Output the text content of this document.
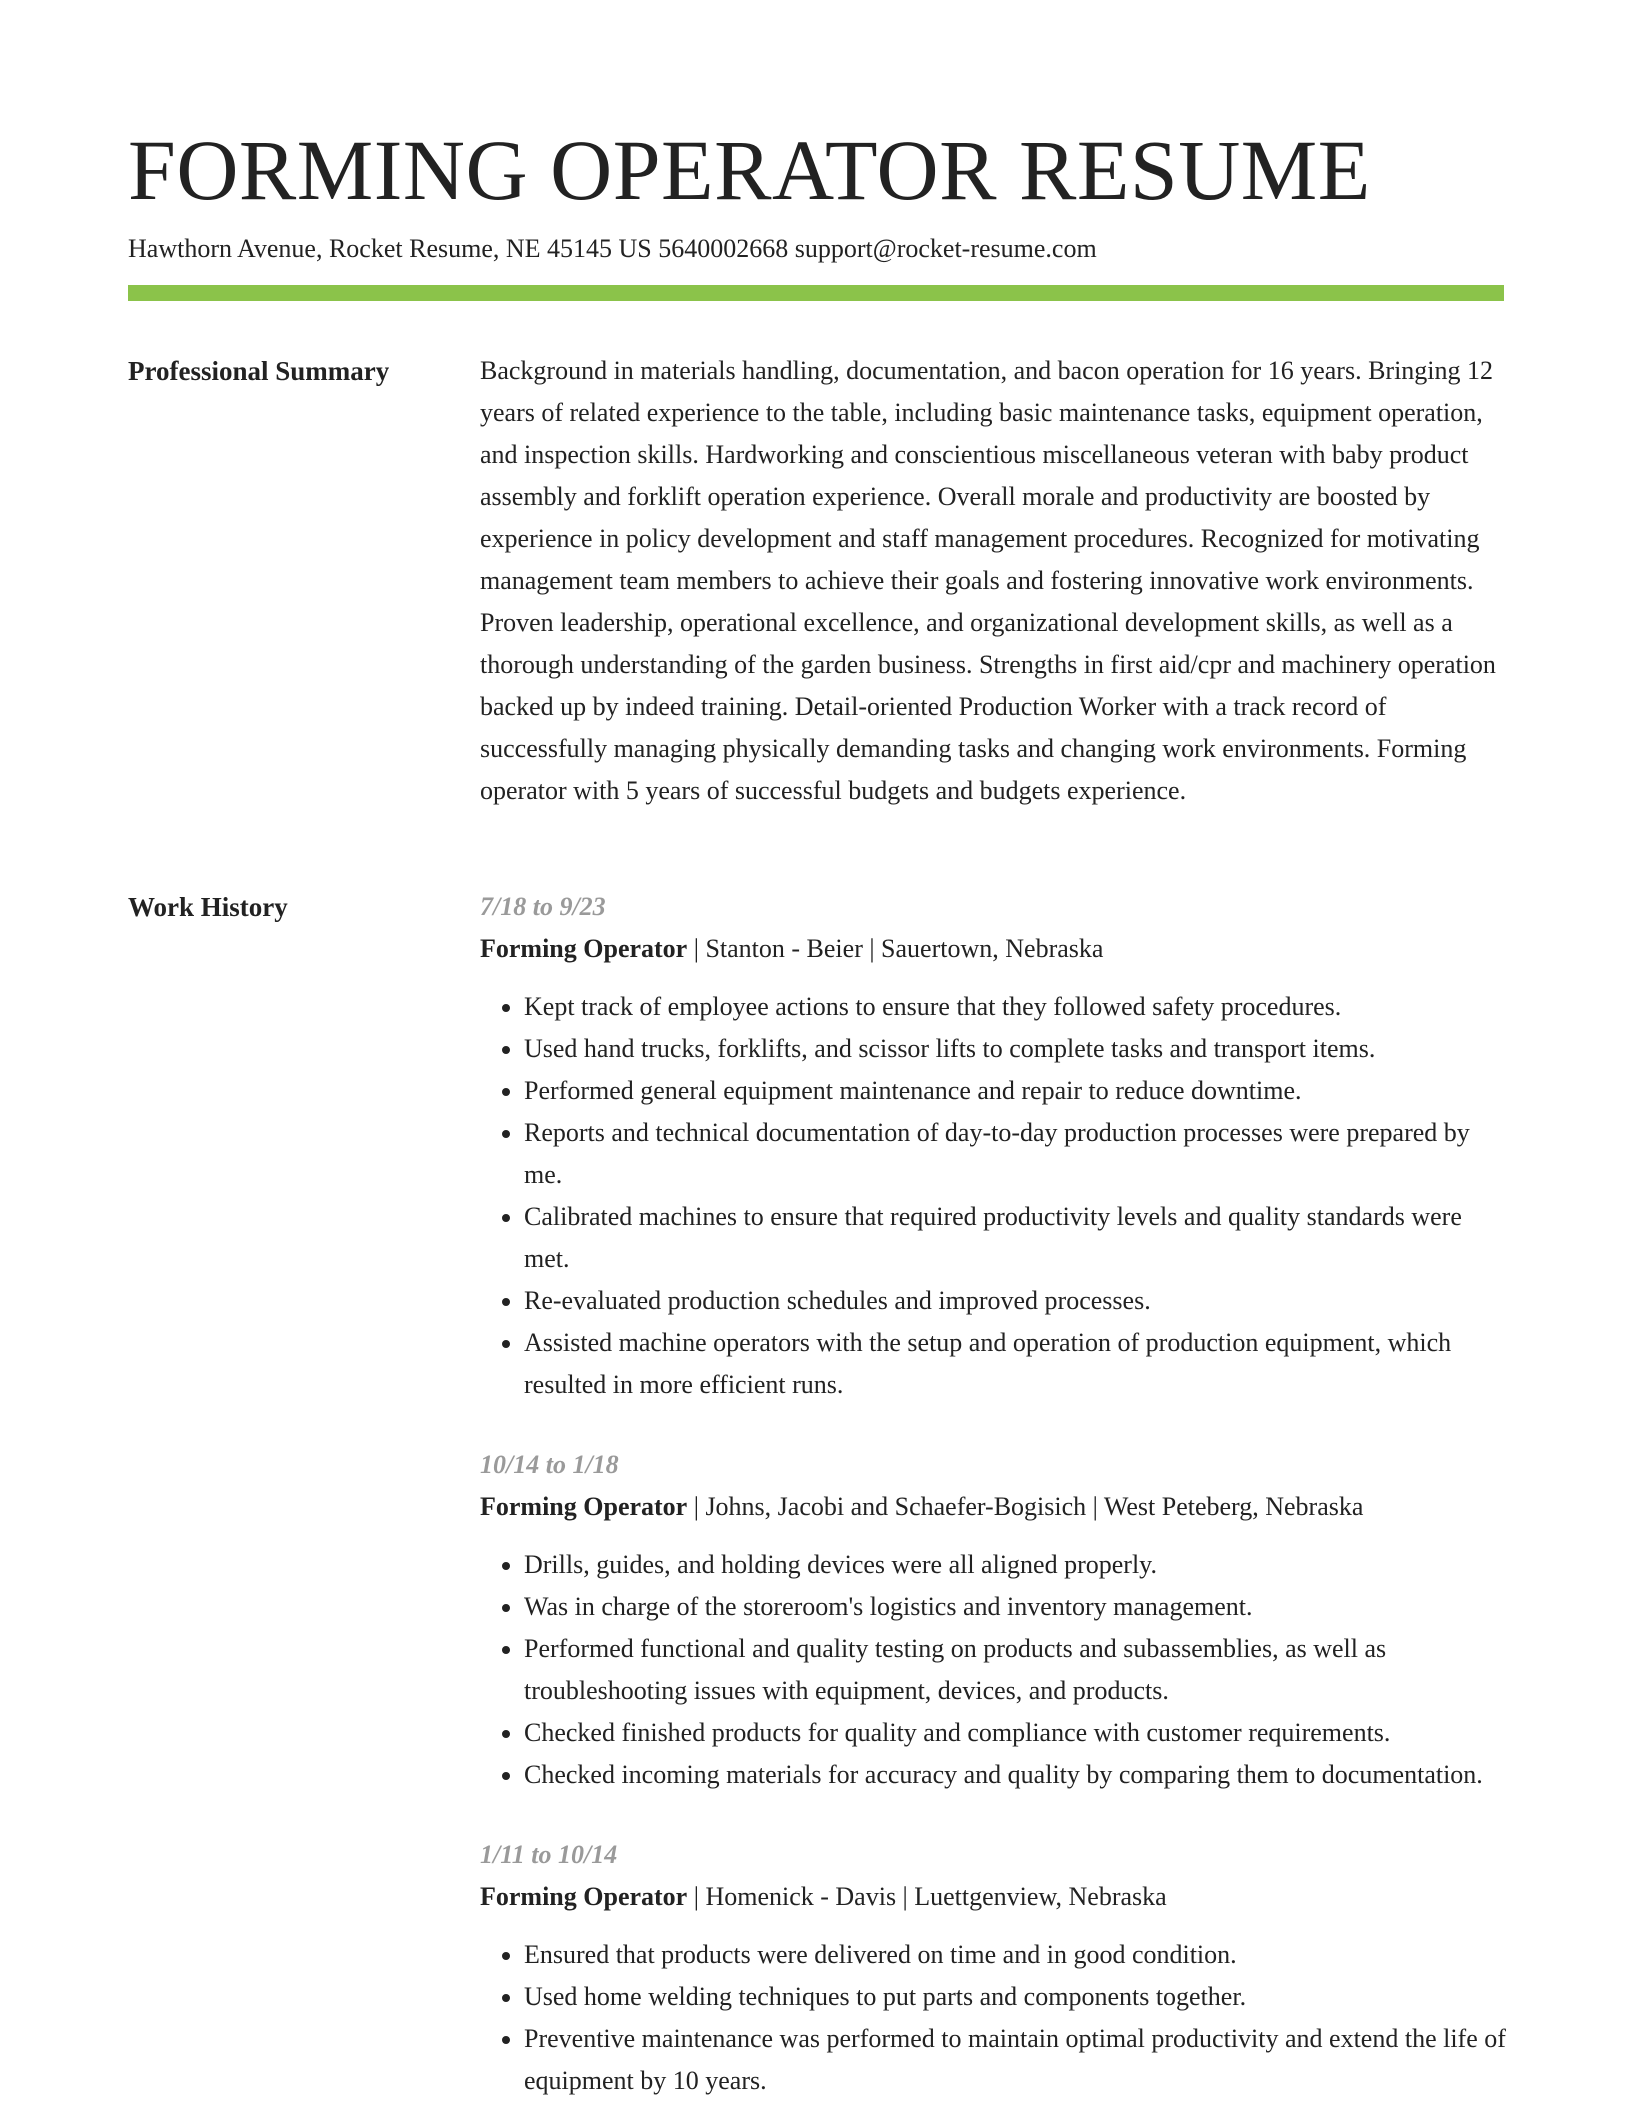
FORMING OPERATOR RESUME
Hawthorn Avenue, Rocket Resume, NE 45145 US 5640002668 support@rocket-resume.com
Professional Summary	Background in materials handling, documentation, and bacon operation for 16 years. Bringing 12 years of related experience to the table, including basic maintenance tasks, equipment operation, and inspection skills. Hardworking and conscientious miscellaneous veteran with baby product assembly and forklift operation experience. Overall morale and productivity are boosted by experience in policy development and staff management procedures. Recognized for motivating management team members to achieve their goals and fostering innovative work environments. Proven leadership, operational excellence, and organizational development skills, as well as a thorough understanding of the garden business. Strengths in first aid/cpr and machinery operation backed up by indeed training. Detail-oriented Production Worker with a track record of successfully managing physically demanding tasks and changing work environments. Forming operator with 5 years of successful budgets and budgets experience.

Work History	7/18 to 9/23

Forming Operator | Stanton - Beier | Sauertown, Nebraska

• Kept track of employee actions to ensure that they followed safety procedures.
• Used hand trucks, forklifts, and scissor lifts to complete tasks and transport items.
• Performed general equipment maintenance and repair to reduce downtime.
• Reports and technical documentation of day-to-day production processes were prepared by me.
• Calibrated machines to ensure that required productivity levels and quality standards were met.
• Re-evaluated production schedules and improved processes.
• Assisted machine operators with the setup and operation of production equipment, which resulted in more efficient runs.

10/14 to 1/18

Forming Operator | Johns, Jacobi and Schaefer-Bogisich | West Peteberg, Nebraska

• Drills, guides, and holding devices were all aligned properly.
• Was in charge of the storeroom's logistics and inventory management.
• Performed functional and quality testing on products and subassemblies, as well as troubleshooting issues with equipment, devices, and products.
• Checked finished products for quality and compliance with customer requirements.
• Checked incoming materials for accuracy and quality by comparing them to documentation.

1/11 to 10/14

Forming Operator | Homenick - Davis | Luettgenview, Nebraska

• Ensured that products were delivered on time and in good condition.
• Used home welding techniques to put parts and components together.
• Preventive maintenance was performed to maintain optimal productivity and extend the life of equipment by 10 years.
